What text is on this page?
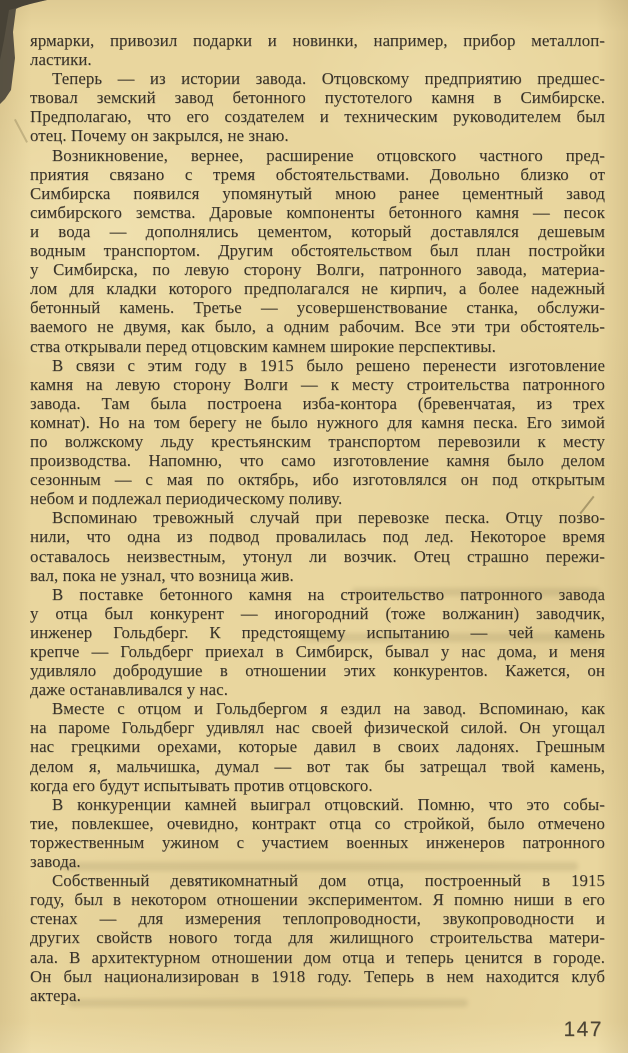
ярмарки, привозил подарки и новинки, например, прибор металлоп-
ластики.
Теперь — из истории завода. Отцовскому предприятию предшес-
твовал земский завод бетонного пустотелого камня в Симбирске.
Предполагаю, что его создателем и техническим руководителем был
отец. Почему он закрылся, не знаю.
Возникновение, вернее, расширение отцовского частного пред-
приятия связано с тремя обстоятельствами. Довольно близко от
Симбирска появился упомянутый мною ранее цементный завод
симбирского земства. Даровые компоненты бетонного камня — песок
и вода — дополнялись цементом, который доставлялся дешевым
водным транспортом. Другим обстоятельством был план постройки
у Симбирска, по левую сторону Волги, патронного завода, материа-
лом для кладки которого предполагался не кирпич, а более надежный
бетонный камень. Третье — усовершенствование станка, обслужи-
ваемого не двумя, как было, а одним рабочим. Все эти три обстоятель-
ства открывали перед отцовским камнем широкие перспективы.
В связи с этим году в 1915 было решено перенести изготовление
камня на левую сторону Волги — к месту строительства патронного
завода. Там была построена изба-контора (бревенчатая, из трех
комнат). Но на том берегу не было нужного для камня песка. Его зимой
по волжскому льду крестьянским транспортом перевозили к месту
производства. Напомню, что само изготовление камня было делом
сезонным — с мая по октябрь, ибо изготовлялся он под открытым
небом и подлежал периодическому поливу.
Вспоминаю тревожный случай при перевозке песка. Отцу позво-
нили, что одна из подвод провалилась под лед. Некоторое время
оставалось неизвестным, утонул ли возчик. Отец страшно пережи-
вал, пока не узнал, что возница жив.
В поставке бетонного камня на строительство патронного завода
у отца был конкурент — иногородний (тоже волжанин) заводчик,
инженер Гольдберг. К предстоящему испытанию — чей камень
крепче — Гольдберг приехал в Симбирск, бывал у нас дома, и меня
удивляло добродушие в отношении этих конкурентов. Кажется, он
даже останавливался у нас.
Вместе с отцом и Гольдбергом я ездил на завод. Вспоминаю, как
на пароме Гольдберг удивлял нас своей физической силой. Он угощал
нас грецкими орехами, которые давил в своих ладонях. Грешным
делом я, мальчишка, думал — вот так бы затрещал твой камень,
когда его будут испытывать против отцовского.
В конкуренции камней выиграл отцовский. Помню, что это собы-
тие, повлекшее, очевидно, контракт отца со стройкой, было отмечено
торжественным ужином с участием военных инженеров патронного
завода.
Собственный девятикомнатный дом отца, построенный в 1915
году, был в некотором отношении экспериментом. Я помню ниши в его
стенах — для измерения теплопроводности, звукопроводности и
других свойств нового тогда для жилищного строительства матери-
ала. В архитектурном отношении дом отца и теперь ценится в городе.
Он был национализирован в 1918 году. Теперь в нем находится клуб
актера.
147
